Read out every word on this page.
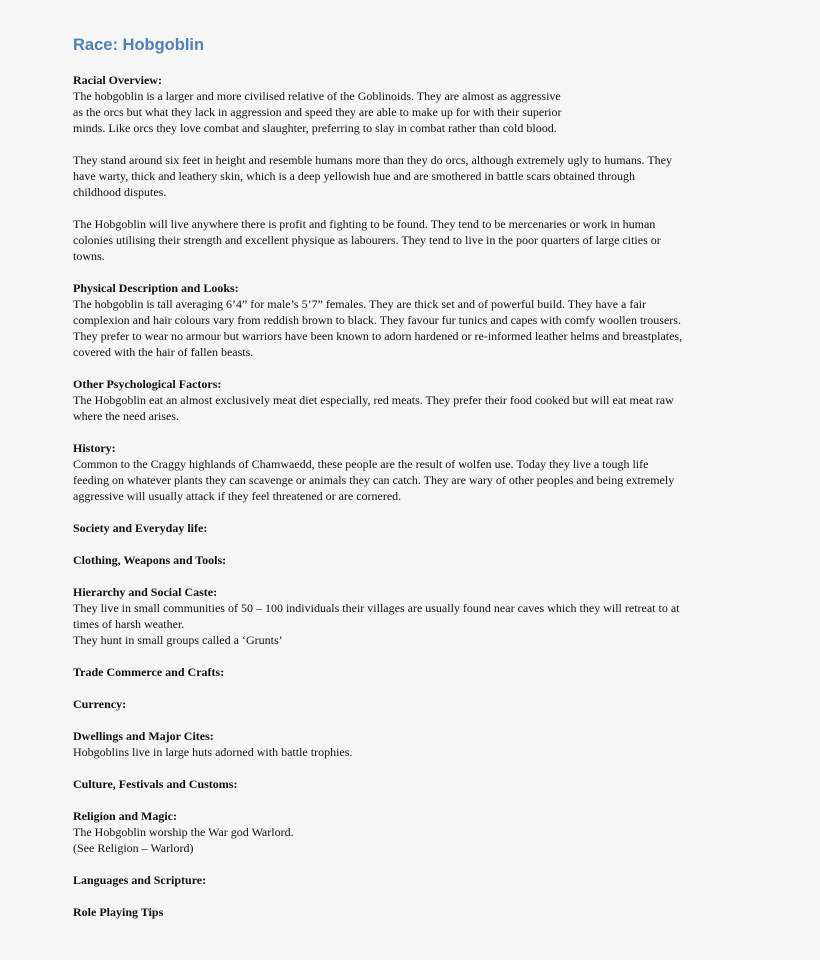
Race: Hobgoblin
Racial Overview:
The hobgoblin is a larger and more civilised relative of the Goblinoids. They are almost as aggressive
as the orcs but what they lack in aggression and speed they are able to make up for with their superior
minds. Like orcs they love combat and slaughter, preferring to slay in combat rather than cold blood.
They stand around six feet in height and resemble humans more than they do orcs, although extremely ugly to humans. They
have warty, thick and leathery skin, which is a deep yellowish hue and are smothered in battle scars obtained through
childhood disputes.
The Hobgoblin will live anywhere there is profit and fighting to be found. They tend to be mercenaries or work in human
colonies utilising their strength and excellent physique as labourers. They tend to live in the poor quarters of large cities or
towns.
Physical Description and Looks:
The hobgoblin is tall averaging 6’4” for male’s 5’7” females. They are thick set and of powerful build. They have a fair
complexion and hair colours vary from reddish brown to black. They favour fur tunics and capes with comfy woollen trousers.
They prefer to wear no armour but warriors have been known to adorn hardened or re-informed leather helms and breastplates,
covered with the hair of fallen beasts.
Other Psychological Factors:
The Hobgoblin eat an almost exclusively meat diet especially, red meats. They prefer their food cooked but will eat meat raw
where the need arises.
History:
Common to the Craggy highlands of Chamwaedd, these people are the result of wolfen use. Today they live a tough life
feeding on whatever plants they can scavenge or animals they can catch. They are wary of other peoples and being extremely
aggressive will usually attack if they feel threatened or are cornered.
Society and Everyday life:
Clothing, Weapons and Tools:
Hierarchy and Social Caste:
They live in small communities of 50 – 100 individuals their villages are usually found near caves which they will retreat to at
times of harsh weather.
They hunt in small groups called a ‘Grunts’
Trade Commerce and Crafts:
Currency:
Dwellings and Major Cites:
Hobgoblins live in large huts adorned with battle trophies.
Culture, Festivals and Customs:
Religion and Magic:
The Hobgoblin worship the War god Warlord.
(See Religion – Warlord)
Languages and Scripture:
Role Playing Tips
